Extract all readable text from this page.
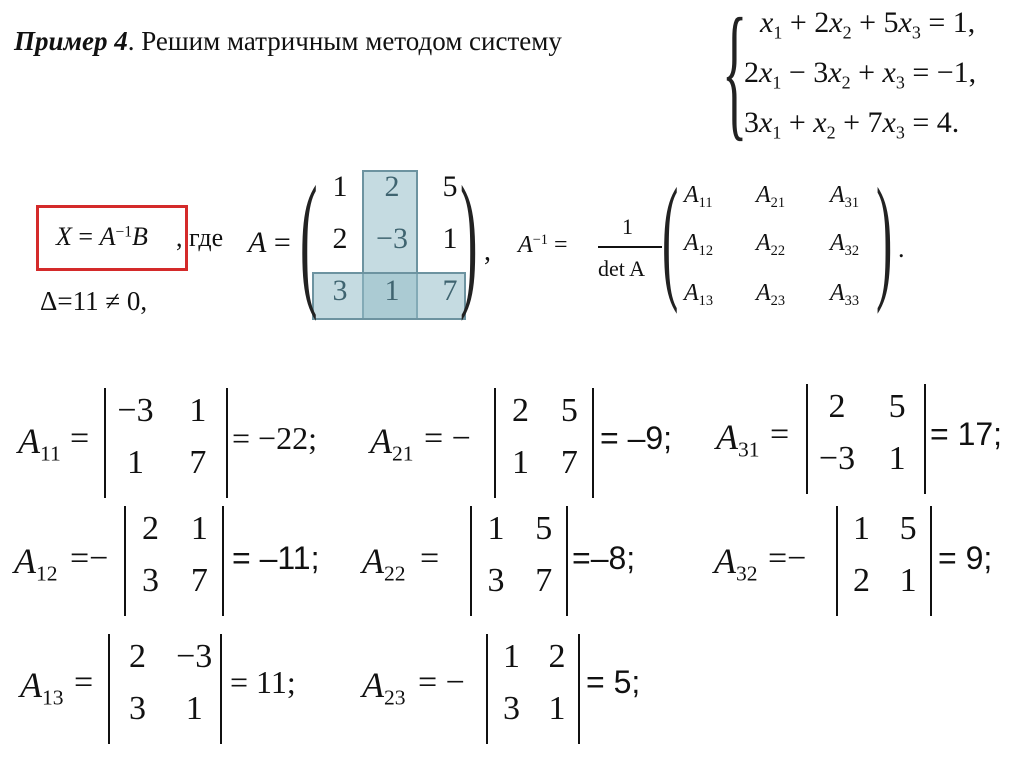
Пример 4. Решим матричным методом систему { $x_1 + 2x_2 + 5x_3 = 1$,
$2x_1 - 3x_2 + x_3 = -1$,
$3x_1 + x_2 + 7x_3 = 4$.
$X = A^{-1}B$ , где
Δ=11 ≠ 0,
A = ( )
1	2	5
2 −3	1
3	1	7
, $A^{-1}$ =
1
det A ( )
$A_{11}$ $A_{21}$ $A_{31}$
$A_{12}$ $A_{22}$ $A_{32}$
$A_{13}$ $A_{23}$ $A_{33}$
.
$A_{11}$ =
−3	1
1	7
= −22; $A_{21}$ = −
2 5
1 7
= –9; $A_{31}$ =
2	5
−3 1
= 17;
$A_{12}$ =−
2 1
3 7
= –11; $A_{22}$ =
1 5
3 7
=–8; $A_{32}$ =−
1 5
2 1
= 9;
$A_{13}$ =
2 −3
3	1
= 11; $A_{23}$ = −
1 2
3 1
= 5;
